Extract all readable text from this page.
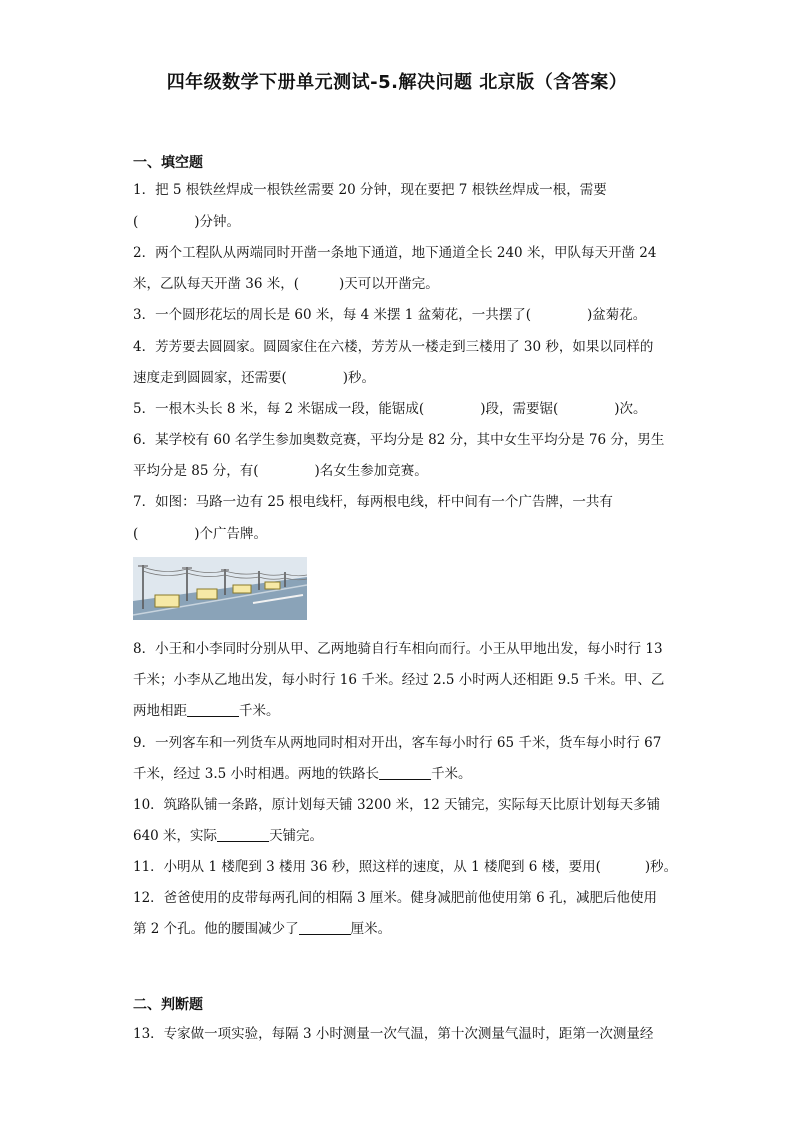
四年级数学下册单元测试-5.解决问题 北京版（含答案）
一、填空题
1．把 5 根铁丝焊成一根铁丝需要 20 分钟，现在要把 7 根铁丝焊成一根，需要
(	)分钟。
2．两个工程队从两端同时开凿一条地下通道，地下通道全长 240 米，甲队每天开凿 24
米，乙队每天开凿 36 米，(	)天可以开凿完。
3．一个圆形花坛的周长是 60 米，每 4 米摆 1 盆菊花，一共摆了(	)盆菊花。
4．芳芳要去圆圆家。圆圆家住在六楼，芳芳从一楼走到三楼用了 30 秒，如果以同样的
速度走到圆圆家，还需要(	)秒。
5．一根木头长 8 米，每 2 米锯成一段，能锯成(	)段，需要锯(	)次。
6．某学校有 60 名学生参加奥数竞赛，平均分是 82 分，其中女生平均分是 76 分，男生
平均分是 85 分，有(	)名女生参加竞赛。
7．如图：马路一边有 25 根电线杆，每两根电线，杆中间有一个广告牌，一共有
(	)个广告牌。
8．小王和小李同时分别从甲、乙两地骑自行车相向而行。小王从甲地出发，每小时行 13
千米；小李从乙地出发，每小时行 16 千米。经过 2.5 小时两人还相距 9.5 千米。甲、乙
两地相距	千米。
9．一列客车和一列货车从两地同时相对开出，客车每小时行 65 千米，货车每小时行 67
千米，经过 3.5 小时相遇。两地的铁路长	千米。
10．筑路队铺一条路，原计划每天铺 3200 米，12 天铺完，实际每天比原计划每天多铺
640 米，实际	天铺完。
11．小明从 1 楼爬到 3 楼用 36 秒，照这样的速度，从 1 楼爬到 6 楼，要用(	)秒。
12．爸爸使用的皮带每两孔间的相隔 3 厘米。健身减肥前他使用第 6 孔，减肥后他使用
第 2 个孔。他的腰围减少了	厘米。
二、判断题
13．专家做一项实验，每隔 3 小时测量一次气温，第十次测量气温时，距第一次测量经
